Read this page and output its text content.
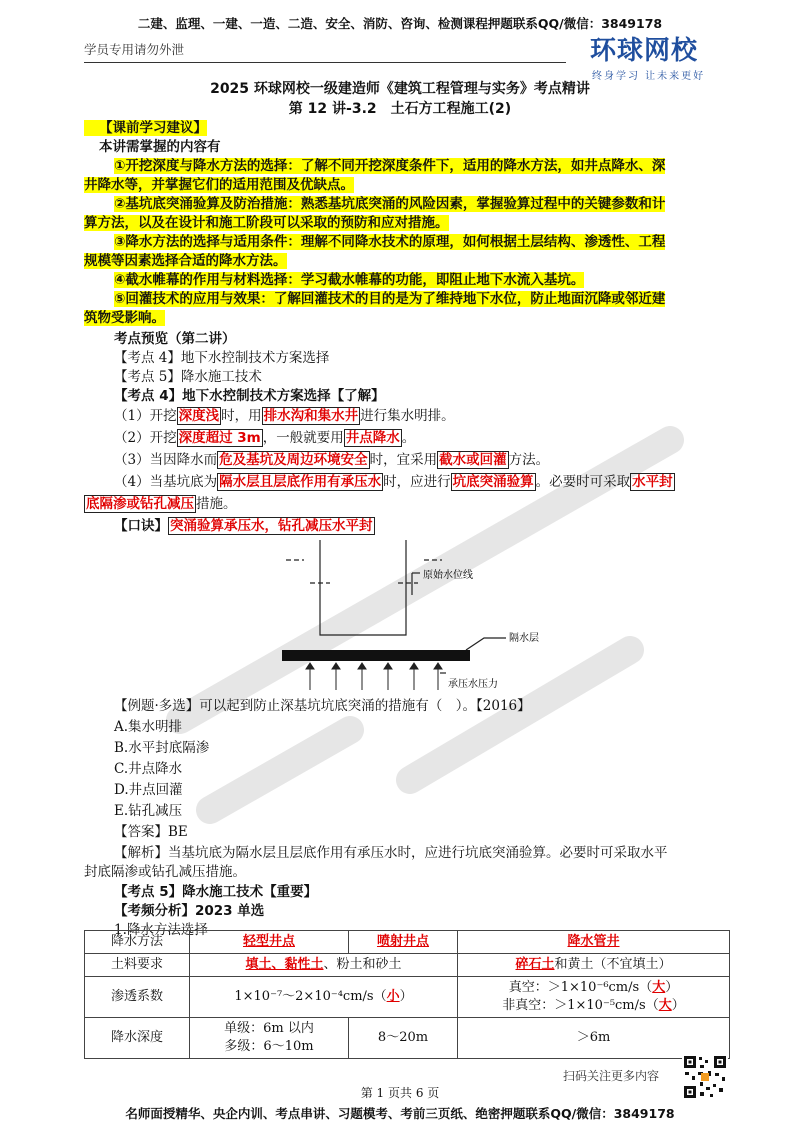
二建、监理、一建、一造、二造、安全、消防、咨询、检测课程押题联系QQ/微信：3849178
学员专用请勿外泄	环球网校
终身学习 让未来更好
2025 环球网校一级建造师《建筑工程管理与实务》考点精讲
第 12 讲-3.2　土石方工程施工(2)
【课前学习建议】
本讲需掌握的内容有
①开挖深度与降水方法的选择：了解不同开挖深度条件下，适用的降水方法，如井点降水、深
井降水等，并掌握它们的适用范围及优缺点。
②基坑底突涌验算及防治措施：熟悉基坑底突涌的风险因素，掌握验算过程中的关键参数和计
算方法，以及在设计和施工阶段可以采取的预防和应对措施。
③降水方法的选择与适用条件：理解不同降水技术的原理，如何根据土层结构、渗透性、工程
规模等因素选择合适的降水方法。
④截水帷幕的作用与材料选择：学习截水帷幕的功能，即阻止地下水流入基坑。
⑤回灌技术的应用与效果：了解回灌技术的目的是为了维持地下水位，防止地面沉降或邻近建
筑物受影响。
考点预览（第二讲）
【考点 4】地下水控制技术方案选择
【考点 5】降水施工技术
【考点 4】地下水控制技术方案选择【了解】
（1）开挖 深度浅 时，用 排水沟和集水井 进行集水明排。
（2）开挖 深度超过 3m ，一般就要用 井点降水 。
（3）当因降水而 危及基坑及周边环境安全 时，宜采用 截水或回灌 方法。
（4）当基坑底为 隔水层且层底作用有承压水 时，应进行 坑底突涌验算 。必要时可采取 水平封
底隔渗或钻孔减压 措施。
【口诀】 突涌验算承压水，钻孔减压水平封
原始水位线
隔水层
承压水压力
【例题·多选】可以起到防止深基坑坑底突涌的措施有（　）。【2016】
A.集水明排
B.水平封底隔渗
C.井点降水
D.井点回灌
E.钻孔减压
【答案】BE
【解析】当基坑底为隔水层且层底作用有承压水时，应进行坑底突涌验算。必要时可采取水平
封底隔渗或钻孔减压措施。
【考点 5】降水施工技术【重要】
【考频分析】2023 单选
1.降水方法选择
降水方法	轻型井点	喷射井点	降水管井
土料要求	填土、黏性土、粉土和砂土		碎石土和黄土（不宜填土）
渗透系数	1×10⁻⁷～2×10⁻⁴cm/s（小）		真空：＞1×10⁻⁶cm/s（大）
非真空：＞1×10⁻⁵cm/s（大）

降水深度	单级：6m 以内
多级：6～10m	8～20m	＞6m
扫码关注更多内容
第 1 页共 6 页
名师面授精华、央企内训、考点串讲、习题模考、考前三页纸、绝密押题联系QQ/微信：3849178
